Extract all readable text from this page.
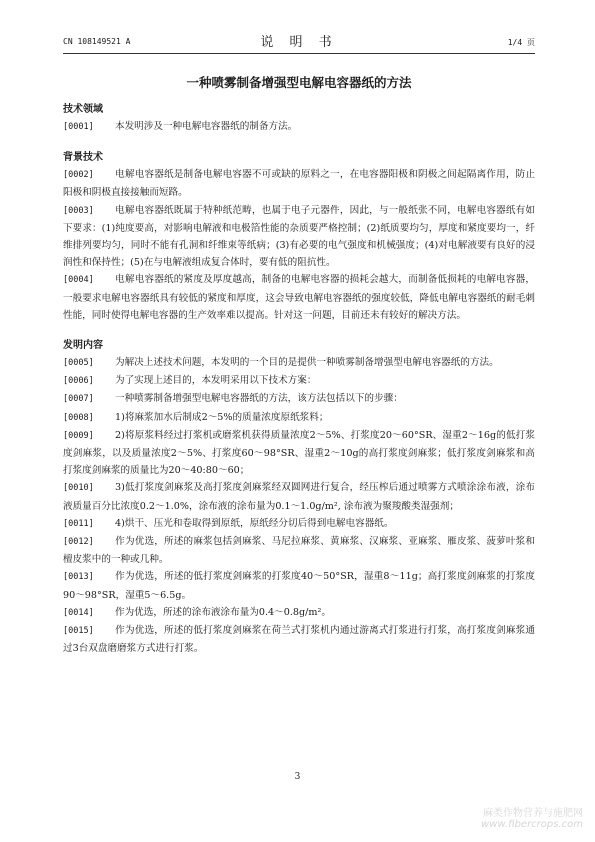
CN 108149521 A	说 明 书	1/4 页
一种喷雾制备增强型电解电容器纸的方法
技术领域
[0001] 本发明涉及一种电解电容器纸的制备方法。
背景技术
[0002] 电解电容器纸是制备电解电容器不可或缺的原料之一，在电容器阳极和阴极之间起隔离作用，防止阳极和阴极直接接触而短路。
[0003] 电解电容器纸既属于特种纸范畴，也属于电子元器件，因此，与一般纸张不同，电解电容器纸有如下要求：(1)纯度要高，对影响电解液和电极箔性能的杂质要严格控制；(2)纸质要均匀，厚度和紧度要均一，纤维排列要均匀，同时不能有孔洞和纤维束等纸病；(3)有必要的电气强度和机械强度；(4)对电解液要有良好的浸润性和保持性；(5)在与电解液组成复合体时，要有低的阻抗性。
[0004] 电解电容器纸的紧度及厚度越高，制备的电解电容器的损耗会越大，而制备低损耗的电解电容器，一般要求电解电容器纸具有较低的紧度和厚度，这会导致电解电容器纸的强度较低，降低电解电容器纸的耐毛刺性能，同时使得电解电容器的生产效率难以提高。针对这一问题，目前还未有较好的解决方法。
发明内容
[0005] 为解决上述技术问题，本发明的一个目的是提供一种喷雾制备增强型电解电容器纸的方法。
[0006] 为了实现上述目的，本发明采用以下技术方案：
[0007] 一种喷雾制备增强型电解电容器纸的方法，该方法包括以下的步骤：
[0008] 1)将麻浆加水后制成2～5%的质量浓度原纸浆料；
[0009] 2)将原浆料经过打浆机或磨浆机获得质量浓度2～5%、打浆度20～60°SR、湿重2～16g的低打浆度剑麻浆，以及质量浓度2～5%、打浆度60～98°SR、湿重2～10g的高打浆度剑麻浆；低打浆度剑麻浆和高打浆度剑麻浆的质量比为20～40:80～60；
[0010] 3)低打浆度剑麻浆及高打浆度剑麻浆经双圆网进行复合，经压榨后通过喷雾方式喷涂涂布液，涂布液质量百分比浓度0.2～1.0%，涂布液的涂布量为0.1～1.0g/m², 涂布液为聚羧酸类湿强剂；
[0011] 4)烘干、压光和卷取得到原纸，原纸经分切后得到电解电容器纸。
[0012] 作为优选，所述的麻浆包括剑麻浆、马尼拉麻浆、黄麻浆、汉麻浆、亚麻浆、雁皮浆、菠萝叶浆和檀皮浆中的一种或几种。
[0013] 作为优选，所述的低打浆度剑麻浆的打浆度40～50°SR，湿重8～11g；高打浆度剑麻浆的打浆度90～98°SR，湿重5～6.5g。
[0014] 作为优选，所述的涂布液涂布量为0.4～0.8g/m²。
[0015] 作为优选，所述的低打浆度剑麻浆在荷兰式打浆机内通过游离式打浆进行打浆，高打浆度剑麻浆通过3台双盘磨磨浆方式进行打浆。
3
麻类作物营养与施肥网
www.fibercrops.com
